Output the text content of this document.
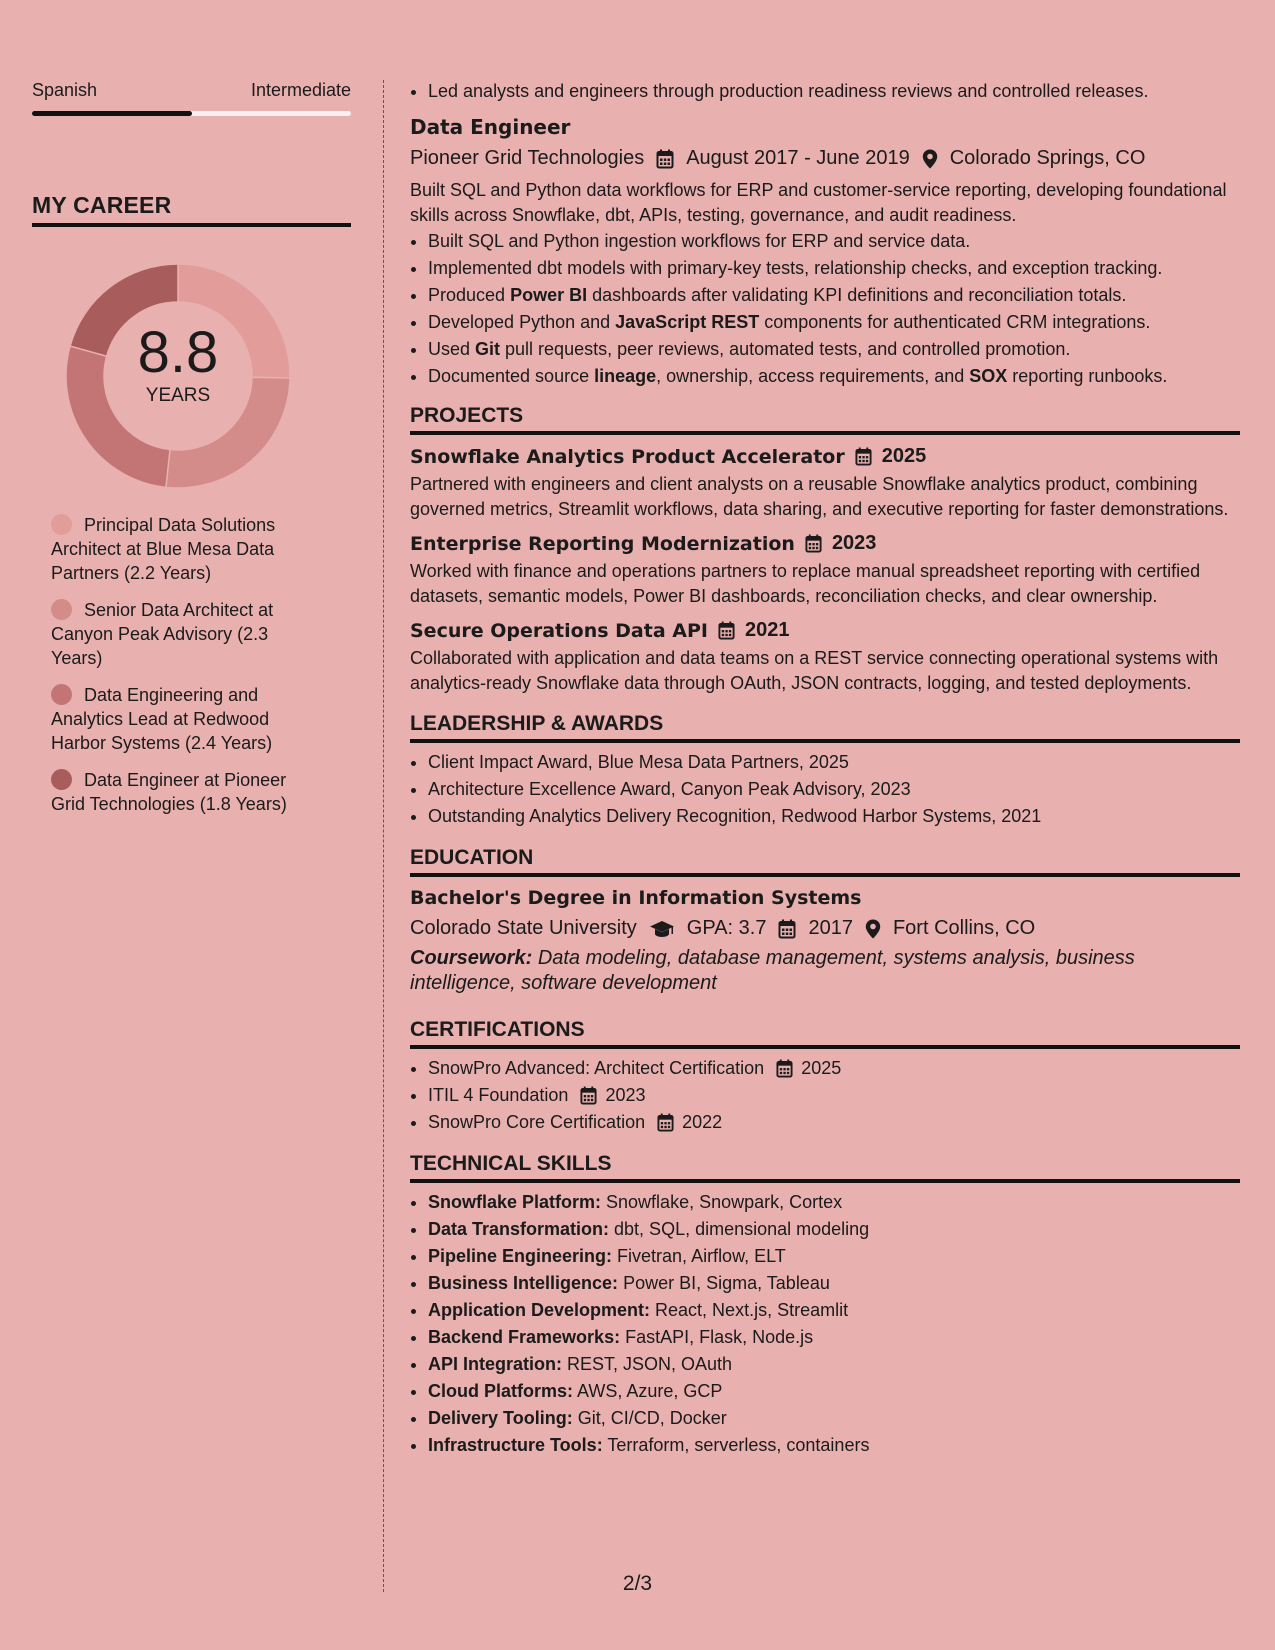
Spanish	Intermediate
MY CAREER
8.8
YEARS
Principal Data Solutions Architect at Blue Mesa Data Partners (2.2 Years)
Senior Data Architect at Canyon Peak Advisory (2.3 Years)
Data Engineering and Analytics Lead at Redwood Harbor Systems (2.4 Years)
Data Engineer at Pioneer Grid Technologies (1.8 Years)
• Led analysts and engineers through production readiness reviews and controlled releases.
Data Engineer
Pioneer Grid Technologies August 2017 - June 2019 Colorado Springs, CO
Built SQL and Python data workflows for ERP and customer-service reporting, developing foundational skills across Snowflake, dbt, APIs, testing, governance, and audit readiness.
• Built SQL and Python ingestion workflows for ERP and service data.
• Implemented dbt models with primary-key tests, relationship checks, and exception tracking.
• Produced Power BI dashboards after validating KPI definitions and reconciliation totals.
• Developed Python and JavaScript REST components for authenticated CRM integrations.
• Used Git pull requests, peer reviews, automated tests, and controlled promotion.
• Documented source lineage, ownership, access requirements, and SOX reporting runbooks.
PROJECTS
Snowflake Analytics Product Accelerator 2025
Partnered with engineers and client analysts on a reusable Snowflake analytics product, combining governed metrics, Streamlit workflows, data sharing, and executive reporting for faster demonstrations.
Enterprise Reporting Modernization 2023
Worked with finance and operations partners to replace manual spreadsheet reporting with certified datasets, semantic models, Power BI dashboards, reconciliation checks, and clear ownership.
Secure Operations Data API 2021
Collaborated with application and data teams on a REST service connecting operational systems with analytics-ready Snowflake data through OAuth, JSON contracts, logging, and tested deployments.
LEADERSHIP & AWARDS
• Client Impact Award, Blue Mesa Data Partners, 2025
• Architecture Excellence Award, Canyon Peak Advisory, 2023
• Outstanding Analytics Delivery Recognition, Redwood Harbor Systems, 2021
EDUCATION
Bachelor's Degree in Information Systems
Colorado State University	GPA: 3.7 2017 Fort Collins, CO
Coursework: Data modeling, database management, systems analysis, business intelligence, software development
CERTIFICATIONS
• SnowPro Advanced: Architect Certification 2025
• ITIL 4 Foundation 2023
• SnowPro Core Certification 2022
TECHNICAL SKILLS
• Snowflake Platform: Snowflake, Snowpark, Cortex
• Data Transformation: dbt, SQL, dimensional modeling
• Pipeline Engineering: Fivetran, Airflow, ELT
• Business Intelligence: Power BI, Sigma, Tableau
• Application Development: React, Next.js, Streamlit
• Backend Frameworks: FastAPI, Flask, Node.js
• API Integration: REST, JSON, OAuth
• Cloud Platforms: AWS, Azure, GCP
• Delivery Tooling: Git, CI/CD, Docker
• Infrastructure Tools: Terraform, serverless, containers
2/3
